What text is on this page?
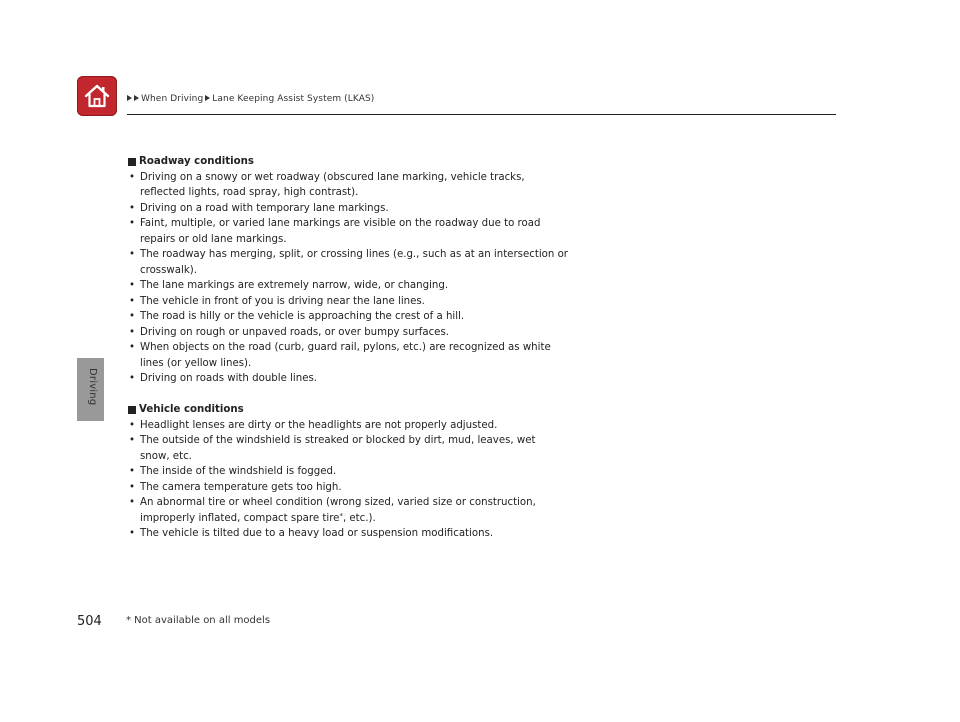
When Driving Lane Keeping Assist System (LKAS)
Driving
Roadway conditions
• Driving on a snowy or wet roadway (obscured lane marking, vehicle tracks, reflected lights, road spray, high contrast).
• Driving on a road with temporary lane markings.
• Faint, multiple, or varied lane markings are visible on the roadway due to road repairs or old lane markings.
• The roadway has merging, split, or crossing lines (e.g., such as at an intersection or crosswalk).
• The lane markings are extremely narrow, wide, or changing.
• The vehicle in front of you is driving near the lane lines.
• The road is hilly or the vehicle is approaching the crest of a hill.
• Driving on rough or unpaved roads, or over bumpy surfaces.
• When objects on the road (curb, guard rail, pylons, etc.) are recognized as white lines (or yellow lines).
• Driving on roads with double lines.
Vehicle conditions
• Headlight lenses are dirty or the headlights are not properly adjusted.
• The outside of the windshield is streaked or blocked by dirt, mud, leaves, wet snow, etc.
• The inside of the windshield is fogged.
• The camera temperature gets too high.
• An abnormal tire or wheel condition (wrong sized, varied size or construction, improperly inflated, compact spare tire*, etc.).
• The vehicle is tilted due to a heavy load or suspension modifications.
504 * Not available on all models
